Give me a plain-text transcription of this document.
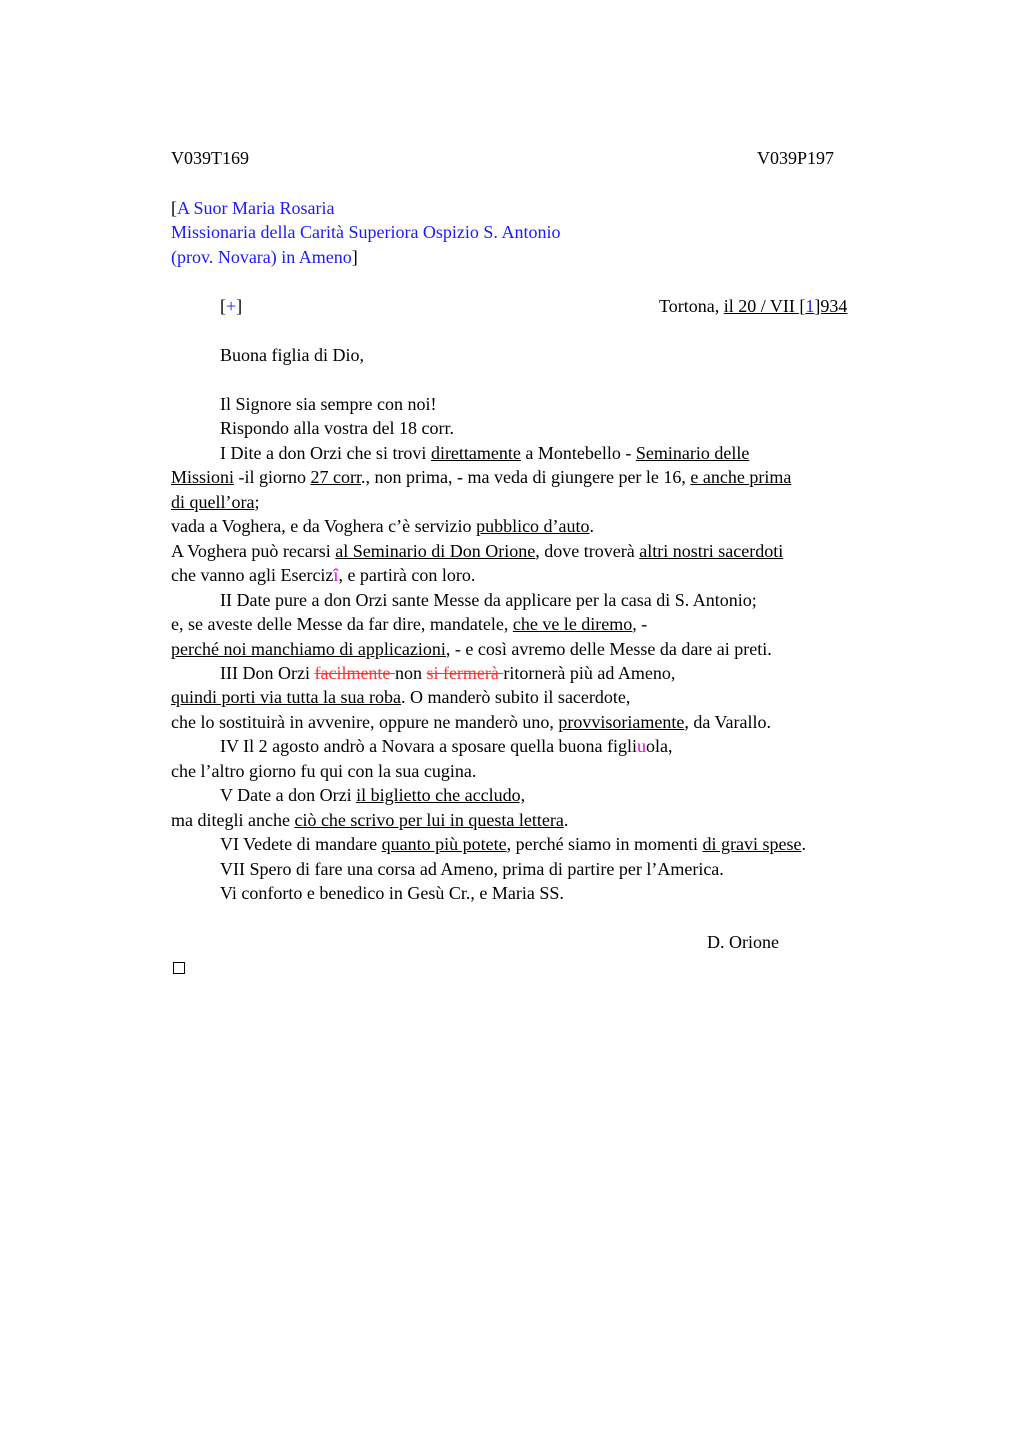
V039T169	V039P197
[A Suor Maria Rosaria
Missionaria della Carità Superiora Ospizio S. Antonio
(prov. Novara) in Ameno]
[+]	Tortona, il 20 / VII [1]934
Buona figlia di Dio,
Il Signore sia sempre con noi!
Rispondo alla vostra del 18 corr.
I Dite a don Orzi che si trovi direttamente a Montebello - Seminario delle
Missioni -il giorno 27 corr., non prima, - ma veda di giungere per le 16, e anche prima
di quell’ora;
vada a Voghera, e da Voghera c’è servizio pubblico d’auto.
A Voghera può recarsi al Seminario di Don Orione, dove troverà altri nostri sacerdoti
che vanno agli Esercizî, e partirà con loro.
II Date pure a don Orzi sante Messe da applicare per la casa di S. Antonio;
e, se aveste delle Messe da far dire, mandatele, che ve le diremo, -
perché noi manchiamo di applicazioni, - e così avremo delle Messe da dare ai preti.
III Don Orzi facilmente non si fermerà ritornerà più ad Ameno,
quindi porti via tutta la sua roba. O manderò subito il sacerdote,
che lo sostituirà in avvenire, oppure ne manderò uno, provvisoriamente, da Varallo.
IV Il 2 agosto andrò a Novara a sposare quella buona figliuola,
che l’altro giorno fu qui con la sua cugina.
V Date a don Orzi il biglietto che accludo,
ma ditegli anche ciò che scrivo per lui in questa lettera.
VI Vedete di mandare quanto più potete, perché siamo in momenti di gravi spese.
VII Spero di fare una corsa ad Ameno, prima di partire per l’America.
Vi conforto e benedico in Gesù Cr., e Maria SS.
D. Orione
